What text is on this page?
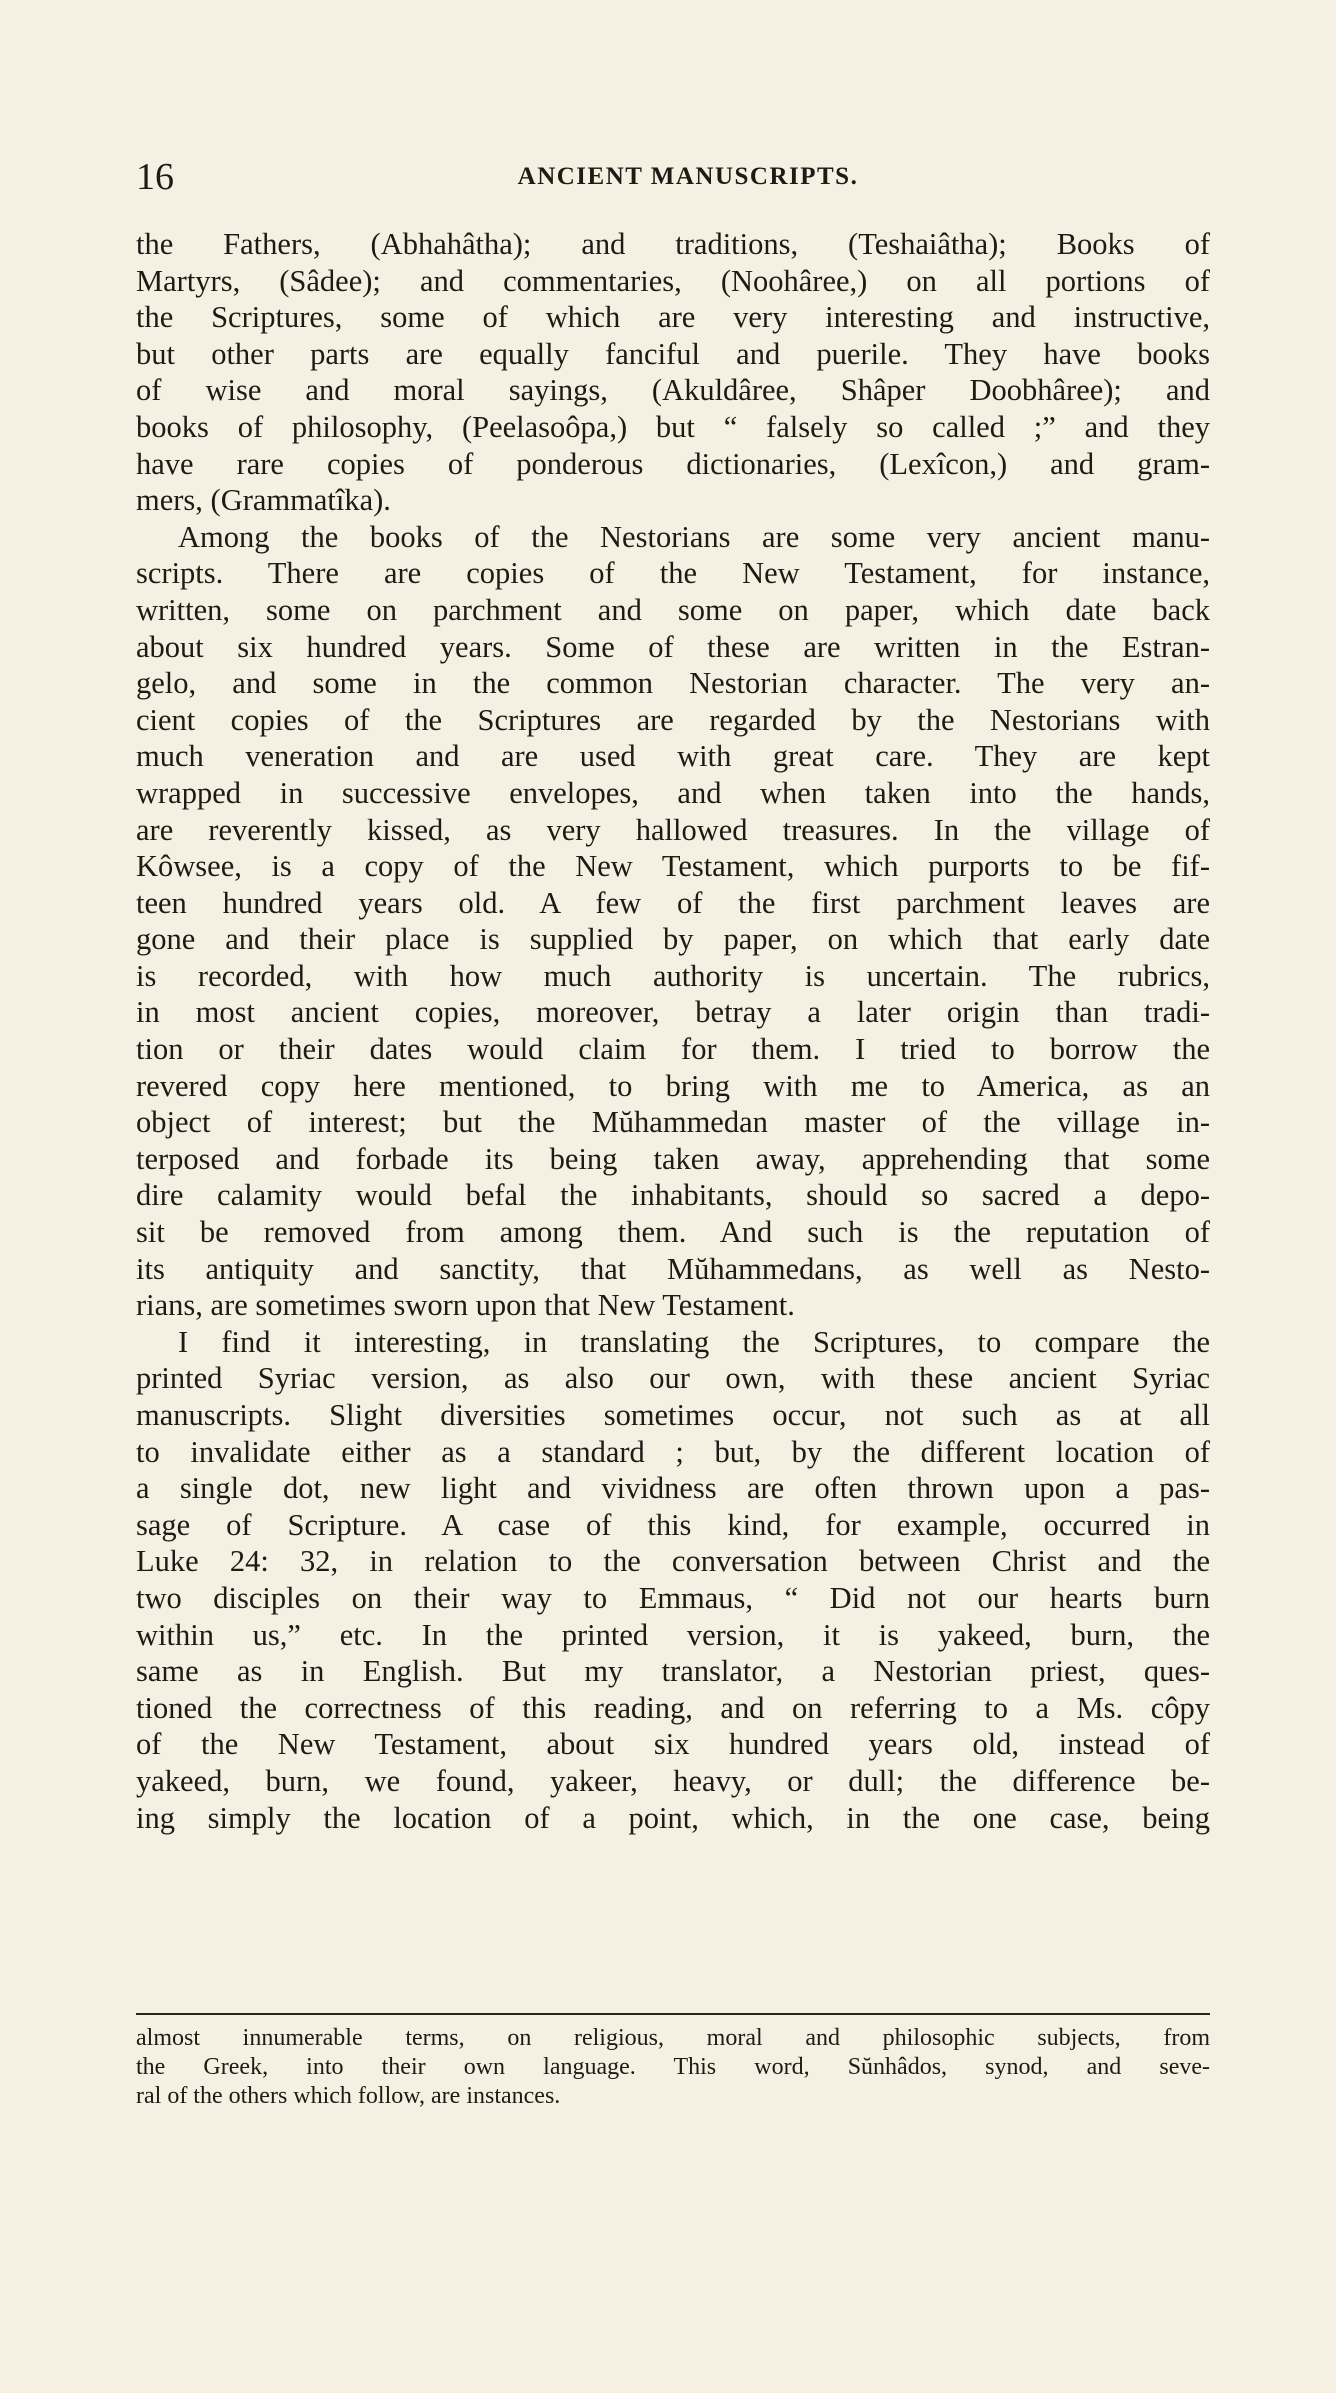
16	ANCIENT MANUSCRIPTS.
the Fathers, (Abhahâtha); and traditions, (Teshaiâtha); Books of
Martyrs, (Sâdee); and commentaries, (Noohâree,) on all portions of
the Scriptures, some of which are very interesting and instructive,
but other parts are equally fanciful and puerile. They have books
of wise and moral sayings, (Akuldâree, Shâper Doobhâree); and
books of philosophy, (Peelasoôpa,) but “ falsely so called ;” and they
have rare copies of ponderous dictionaries, (Lexîcon,) and gram-
mers, (Grammatîka).
Among the books of the Nestorians are some very ancient manu-
scripts. There are copies of the New Testament, for instance,
written, some on parchment and some on paper, which date back
about six hundred years. Some of these are written in the Estran-
gelo, and some in the common Nestorian character. The very an-
cient copies of the Scriptures are regarded by the Nestorians with
much veneration and are used with great care. They are kept
wrapped in successive envelopes, and when taken into the hands,
are reverently kissed, as very hallowed treasures. In the village of
Kôwsee, is a copy of the New Testament, which purports to be fif-
teen hundred years old. A few of the first parchment leaves are
gone and their place is supplied by paper, on which that early date
is recorded, with how much authority is uncertain. The rubrics,
in most ancient copies, moreover, betray a later origin than tradi-
tion or their dates would claim for them. I tried to borrow the
revered copy here mentioned, to bring with me to America, as an
object of interest; but the Mŭhammedan master of the village in-
terposed and forbade its being taken away, apprehending that some
dire calamity would befal the inhabitants, should so sacred a depo-
sit be removed from among them. And such is the reputation of
its antiquity and sanctity, that Mŭhammedans, as well as Nesto-
rians, are sometimes sworn upon that New Testament.
I find it interesting, in translating the Scriptures, to compare the
printed Syriac version, as also our own, with these ancient Syriac
manuscripts. Slight diversities sometimes occur, not such as at all
to invalidate either as a standard ; but, by the different location of
a single dot, new light and vividness are often thrown upon a pas-
sage of Scripture. A case of this kind, for example, occurred in
Luke 24: 32, in relation to the conversation between Christ and the
two disciples on their way to Emmaus, “ Did not our hearts burn
within us,” etc. In the printed version, it is yakeed, burn, the
same as in English. But my translator, a Nestorian priest, ques-
tioned the correctness of this reading, and on referring to a Ms. côpy
of the New Testament, about six hundred years old, instead of
yakeed, burn, we found, yakeer, heavy, or dull; the difference be-
ing simply the location of a point, which, in the one case, being
almost innumerable terms, on religious, moral and philosophic subjects, from
the Greek, into their own language. This word, Sŭnhâdos, synod, and seve-
ral of the others which follow, are instances.
